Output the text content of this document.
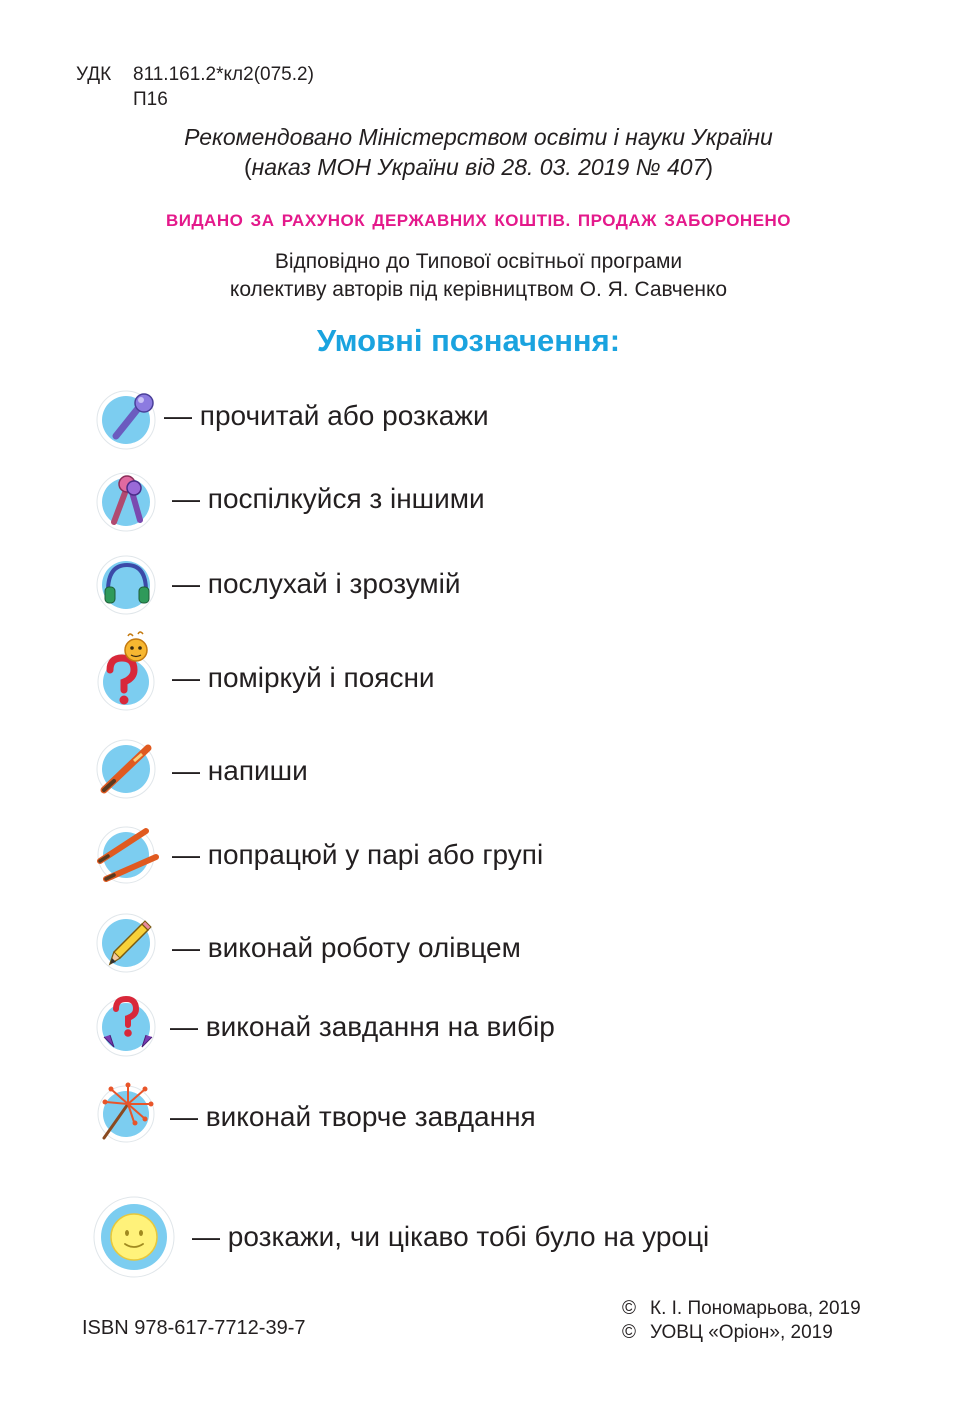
УДК 811.161.2*кл2(075.2)
П16
Рекомендовано Міністерством освіти і науки України
(наказ МОН України від 28. 03. 2019 № 407)
ВИДАНО ЗА РАХУНОК ДЕРЖАВНИХ КОШТІВ. ПРОДАЖ ЗАБОРОНЕНО
Відповідно до Типової освітньої програми
колективу авторів під керівництвом О. Я. Савченко
Умовні позначення:
— прочитай або розкажи
— поспілкуйся з іншими
— послухай і зрозумій
— поміркуй і поясни
— напиши
— попрацюй у парі або групі
— виконай роботу олівцем
— виконай завдання на вибір
— виконай творче завдання
— розкажи, чи цікаво тобі було на уроці
ISBN 978-617-7712-39-7
© К. І. Пономарьова, 2019
© УОВЦ «Оріон», 2019
